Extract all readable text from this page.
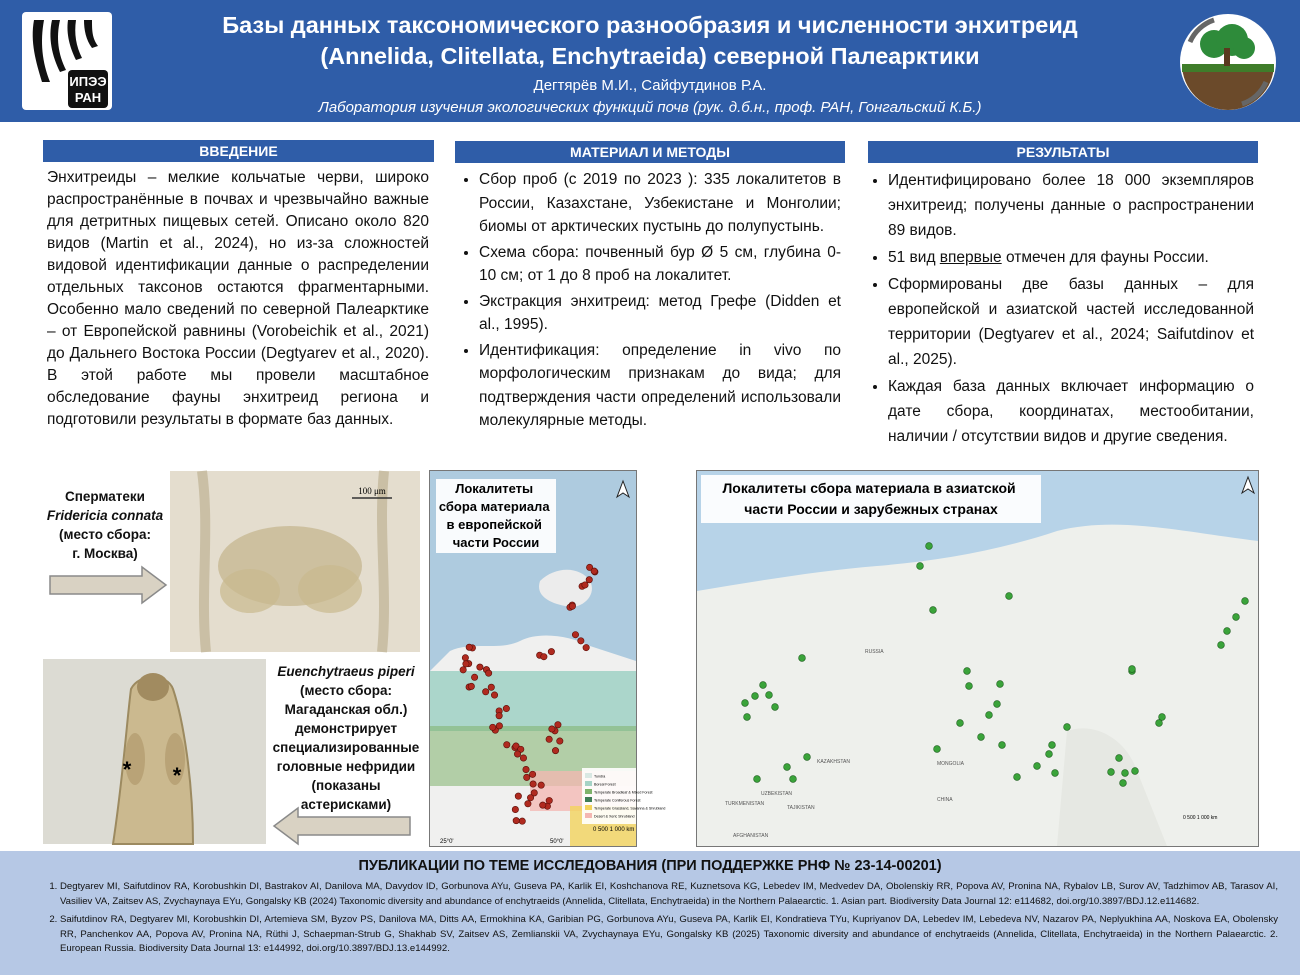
ИПЭЭ
РАН
Базы данных таксономического разнообразия и численности энхитреид
(Annelida, Clitellata, Enchytraeida) северной Палеарктики
Дегтярёв М.И., Сайфутдинов Р.А.
Лаборатория изучения экологических функций почв (рук. д.б.н., проф. РАН, Гонгальский К.Б.)
ВВЕДЕНИЕ
Энхитреиды – мелкие кольчатые черви, широко распространённые в почвах и чрезвычайно важные для детритных пищевых сетей. Описано около 820 видов (Martin et al., 2024), но из-за сложностей видовой идентификации данные о распределении отдельных таксонов остаются фрагментарными. Особенно мало сведений по северной Палеарктике – от Европейской равнины (Vorobeichik et al., 2021) до Дальнего Востока России (Degtyarev et al., 2020). В этой работе мы провели масштабное обследование фауны энхитреид региона и подготовили результаты в формате баз данных.
МАТЕРИАЛ И МЕТОДЫ
• Сбор проб (с 2019 по 2023 ): 335 локалитетов в России, Казахстане, Узбекистане и Монголии; биомы от арктических пустынь до полупустынь.
• Схема сбора: почвенный бур Ø 5 см, глубина 0-10 см; от 1 до 8 проб на локалитет.
• Экстракция энхитреид: метод Грефе (Didden et al., 1995).
• Идентификация: определение in vivo по морфологическим признакам до вида; для подтверждения части определений использовали молекулярные методы.
РЕЗУЛЬТАТЫ
• Идентифицировано более 18 000 экземпляров энхитреид; получены данные о распространении 89 видов.
• 51 вид впервые отмечен для фауны России.
• Сформированы две базы данных – для европейской и азиатской частей исследованной территории (Degtyarev et al., 2024; Saifutdinov et al., 2025).
• Каждая база данных включает информацию о дате сбора, координатах, местообитании, наличии / отсутствии видов и другие сведения.
Сперматеки
Fridericia connata
(место сбора:
г. Москва)
100 μm
* *
Euenchytraeus piperi
(место сбора: Магаданская обл.) демонстрирует специализированные головные нефридии (показаны астерисками)
Локалитеты сбора материала в европейской части России
Tundra
Boreal Forest
Temperate Broadleaf & Mixed Forest
Temperate Coniferous Forest
Temperate Grassland, Savanna & Shrubland
Desert & Xeric Shrubland
0 500 1 000 km
25°0'	50°0'
Локалитеты сбора материала в азиатской части России и зарубежных странах
RUSSIA
KAZAKHSTAN	MONGOLIA
TURKMENISTAN
UZBEKISTAN
TAJIKISTAN
CHINA
AFGHANISTAN
0 500 1 000 km
ПУБЛИКАЦИИ ПО ТЕМЕ ИССЛЕДОВАНИЯ (ПРИ ПОДДЕРЖКЕ РНФ № 23-14-00201)
1. Degtyarev MI, Saifutdinov RA, Korobushkin DI, Bastrakov AI, Danilova MA, Davydov ID, Gorbunova AYu, Guseva PA, Karlik EI, Koshchanova RE, Kuznetsova KG, Lebedev IM, Medvedev DA, Obolenskiy RR, Popova AV, Pronina NA, Rybalov LB, Surov AV, Tadzhimov AB, Tarasov AI, Vasiliev VA, Zaitsev AS, Zvychaynaya EYu, Gongalsky KB (2024) Taxonomic diversity and abundance of enchytraeids (Annelida, Clitellata, Enchytraeida) in the Northern Palaearctic. 1. Asian part. Biodiversity Data Journal 12: e114682, doi.org/10.3897/BDJ.12.e114682.
2. Saifutdinov RA, Degtyarev MI, Korobushkin DI, Artemieva SM, Byzov PS, Danilova MA, Ditts AA, Ermokhina KA, Garibian PG, Gorbunova AYu, Guseva PA, Karlik EI, Kondratieva TYu, Kupriyanov DA, Lebedev IM, Lebedeva NV, Nazarov PA, Neplyukhina AA, Noskova EA, Obolensky RR, Panchenkov AA, Popova AV, Pronina NA, Rüthi J, Schaepman-Strub G, Shakhab SV, Zaitsev AS, Zemlianskii VA, Zvychaynaya EYu, Gongalsky KB (2025) Taxonomic diversity and abundance of enchytraeids (Annelida, Clitellata, Enchytraeida) in the Northern Palaearctic. 2. European Russia. Biodiversity Data Journal 13: e144992, doi.org/10.3897/BDJ.13.e144992.
